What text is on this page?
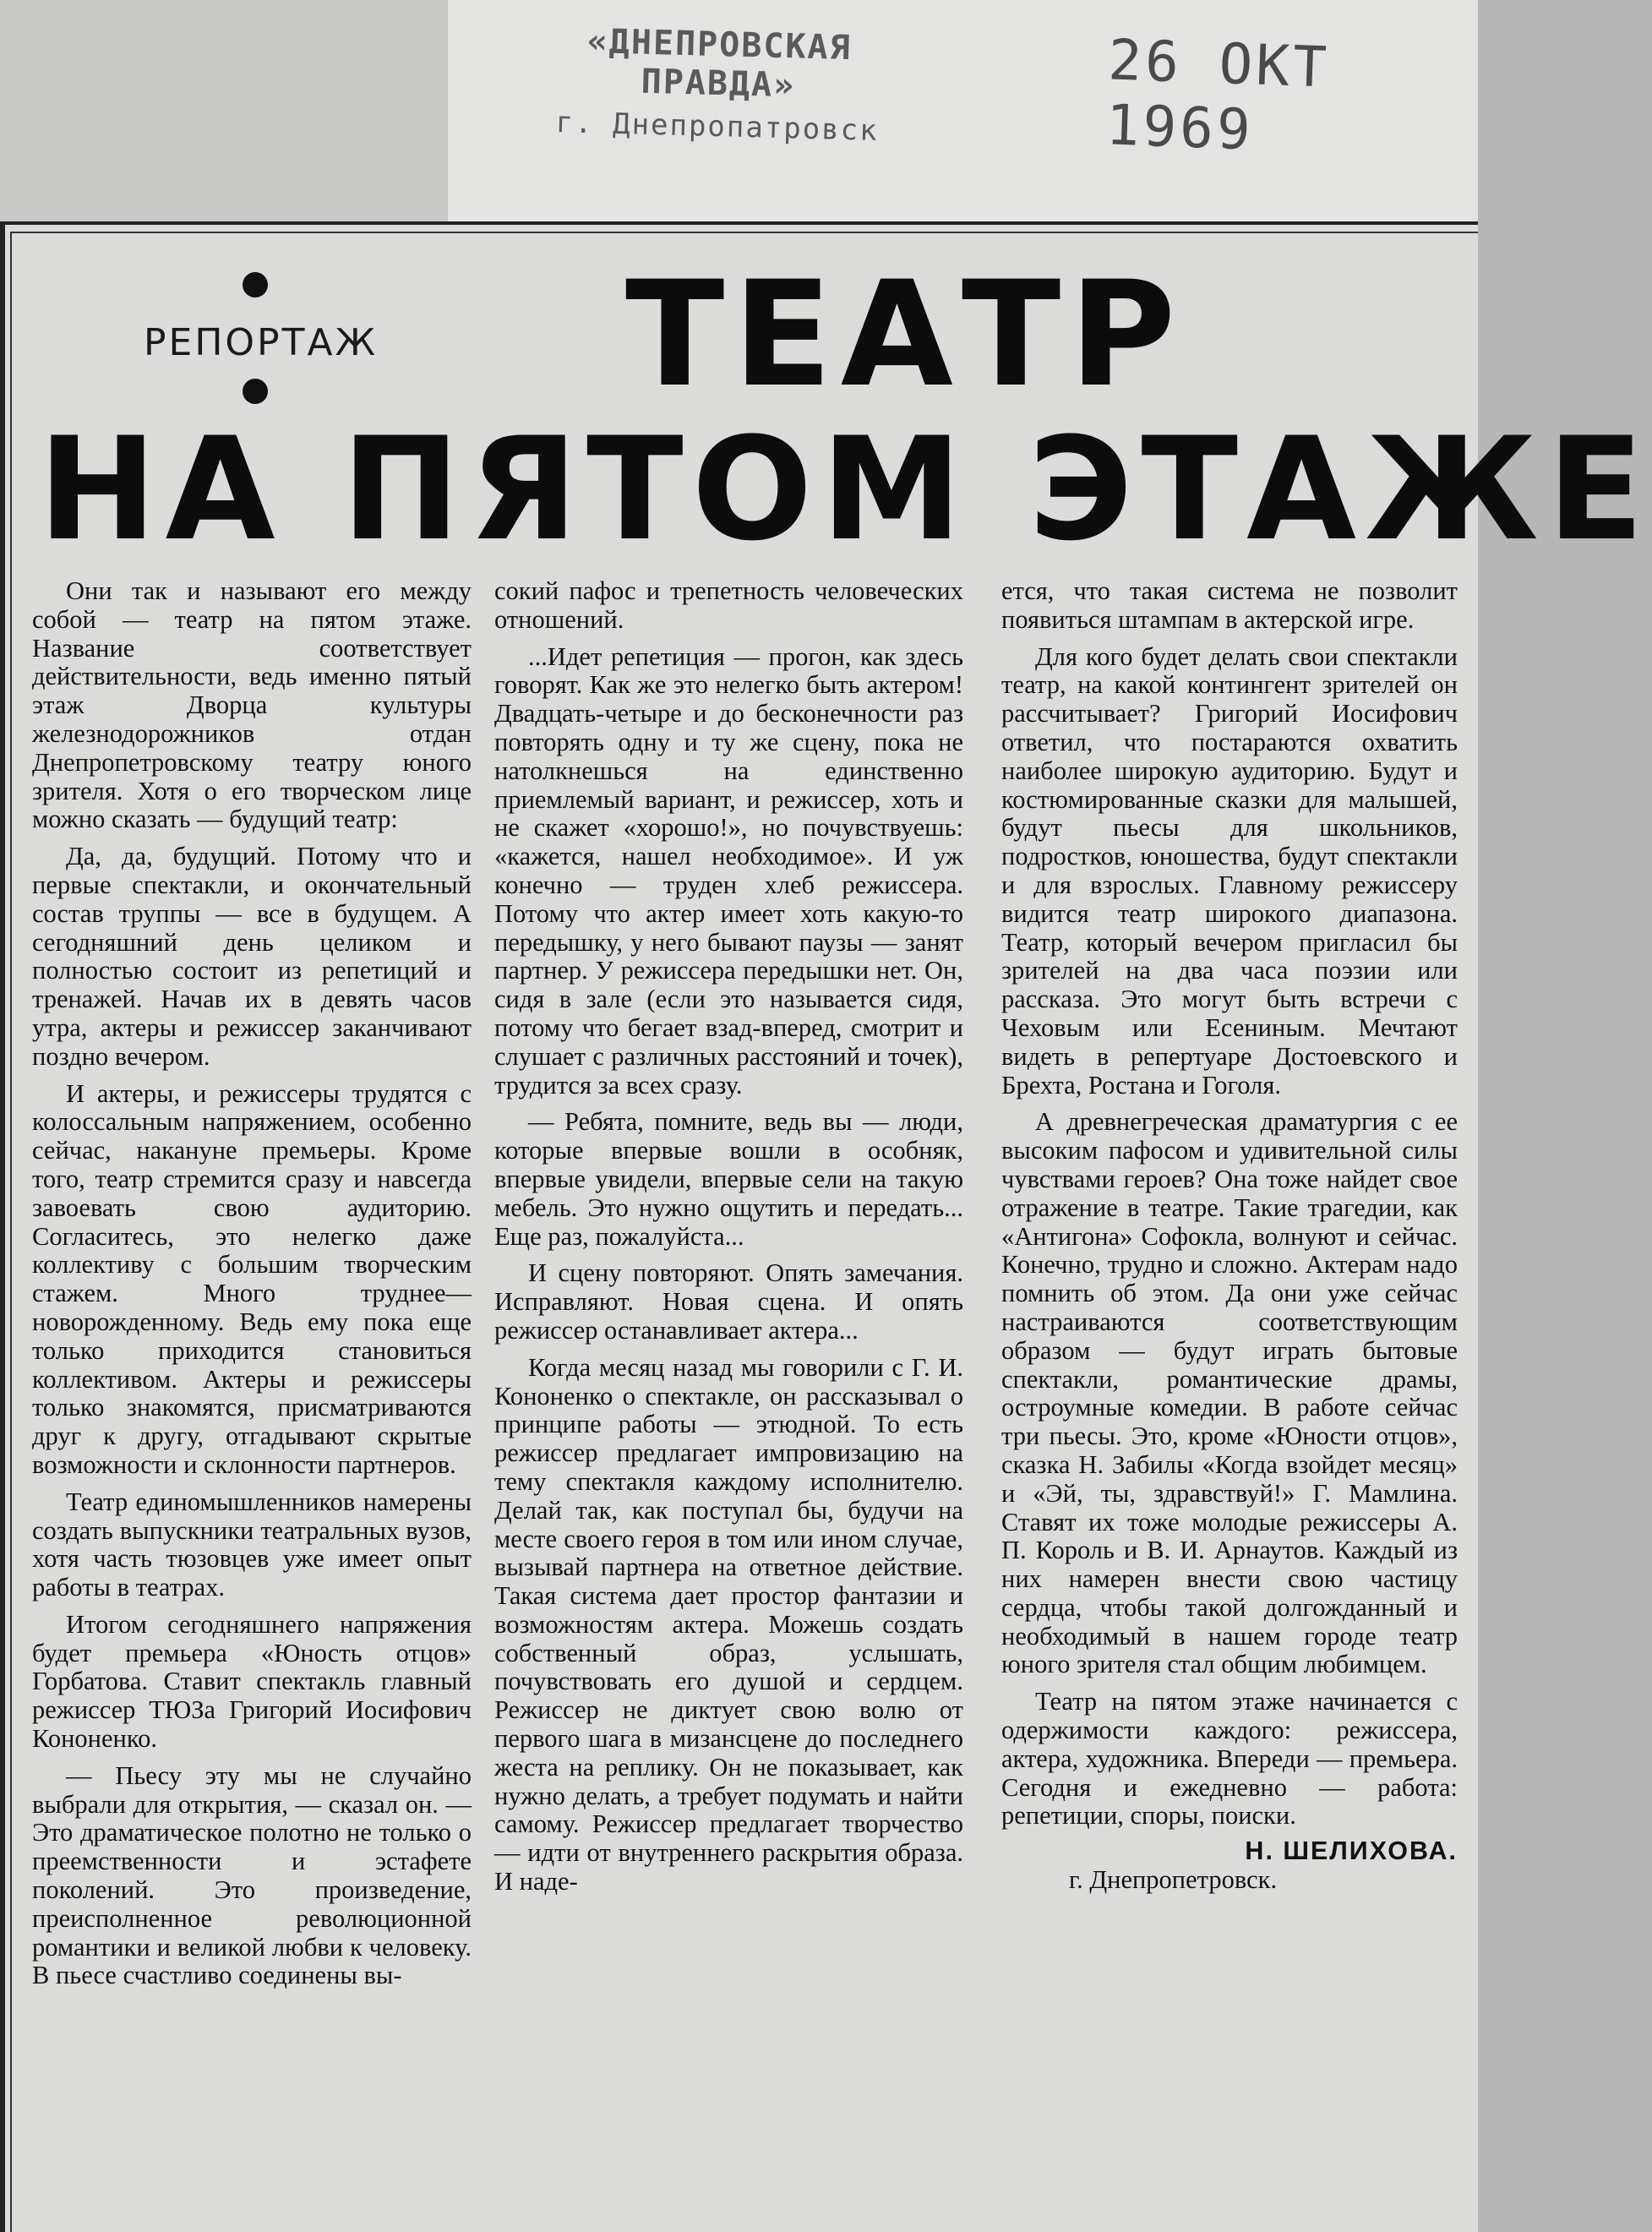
«ДНЕПРОВСКАЯ ПРАВДА»
г. Днепропатровск
26 ОКТ 1969
РЕПОРТАЖ ТЕАТР
НА ПЯТОМ ЭТАЖЕ

Они так и называют его между собой — театр на пятом этаже. Название соответствует действительности, ведь именно пятый этаж Дворца культуры железнодорожников отдан Днепропетровскому театру юного зрителя. Хотя о его творческом лице можно сказать — будущий театр:

Да, да, будущий. Потому что и первые спектакли, и окончательный состав труппы — все в будущем. А сегодняшний день целиком и полностью состоит из репетиций и тренажей. Начав их в девять часов утра, актеры и режиссер заканчивают поздно вечером.

И актеры, и режиссеры трудятся с колоссальным напряжением, особенно сейчас, накануне премьеры. Кроме того, театр стремится сразу и навсегда завоевать свою аудиторию. Согласитесь, это нелегко даже коллективу с большим творческим стажем. Много труднее— новорожденному. Ведь ему пока еще только приходится становиться коллективом. Актеры и режиссеры только знакомятся, присматриваются друг к другу, отгадывают скрытые возможности и склонности партнеров.

Театр единомышленников намерены создать выпускники театральных вузов, хотя часть тюзовцев уже имеет опыт работы в театрах.

Итогом сегодняшнего напряжения будет премьера «Юность отцов» Горбатова. Ставит спектакль главный режиссер ТЮЗа Григорий Иосифович Кононенко.

— Пьесу эту мы не случайно выбрали для открытия, — сказал он. — Это драматическое полотно не только о преемственности и эстафете поколений. Это произведение, преисполненное революционной романтики и великой любви к человеку. В пьесе счастливо соединены вы-

сокий пафос и трепетность человеческих отношений.

...Идет репетиция — прогон, как здесь говорят. Как же это нелегко быть актером! Двадцать-четыре и до бесконечности раз повторять одну и ту же сцену, пока не натолкнешься на единственно приемлемый вариант, и режиссер, хоть и не скажет «хорошо!», но почувствуешь: «кажется, нашел необходимое». И уж конечно — труден хлеб режиссера. Потому что актер имеет хоть какую-то передышку, у него бывают паузы — занят партнер. У режиссера передышки нет. Он, сидя в зале (если это называется сидя, потому что бегает взад-вперед, смотрит и слушает с различных расстояний и точек), трудится за всех сразу.

— Ребята, помните, ведь вы — люди, которые впервые вошли в особняк, впервые увидели, впервые сели на такую мебель. Это нужно ощутить и передать... Еще раз, пожалуйста...

И сцену повторяют. Опять замечания. Исправляют. Новая сцена. И опять режиссер останавливает актера...

Когда месяц назад мы говорили с Г. И. Кононенко о спектакле, он рассказывал о принципе работы — этюдной. То есть режиссер предлагает импровизацию на тему спектакля каждому исполнителю. Делай так, как поступал бы, будучи на месте своего героя в том или ином случае, вызывай партнера на ответное действие. Такая система дает простор фантазии и возможностям актера. Можешь создать собственный образ, услышать, почувствовать его душой и сердцем. Режиссер не диктует свою волю от первого шага в мизансцене до последнего жеста на реплику. Он не показывает, как нужно делать, а требует подумать и найти самому. Режиссер предлагает творчество — идти от внутреннего раскрытия образа. И наде-

ется, что такая система не позволит появиться штампам в актерской игре.

Для кого будет делать свои спектакли театр, на какой контингент зрителей он рассчитывает? Григорий Иосифович ответил, что постараются охватить наиболее широкую аудиторию. Будут и костюмированные сказки для малышей, будут пьесы для школьников, подростков, юношества, будут спектакли и для взрослых. Главному режиссеру видится театр широкого диапазона. Театр, который вечером пригласил бы зрителей на два часа поэзии или рассказа. Это могут быть встречи с Чеховым или Есениным. Мечтают видеть в репертуаре Достоевского и Брехта, Ростана и Гоголя.

А древнегреческая драматургия с ее высоким пафосом и удивительной силы чувствами героев? Она тоже найдет свое отражение в театре. Такие трагедии, как «Антигона» Софокла, волнуют и сейчас. Конечно, трудно и сложно. Актерам надо помнить об этом. Да они уже сейчас настраиваются соответствующим образом — будут играть бытовые спектакли, романтические драмы, остроумные комедии. В работе сейчас три пьесы. Это, кроме «Юности отцов», сказка Н. Забилы «Когда взойдет месяц» и «Эй, ты, здравствуй!» Г. Мамлина. Ставят их тоже молодые режиссеры А. П. Король и В. И. Арнаутов. Каждый из них намерен внести свою частицу сердца, чтобы такой долгожданный и необходимый в нашем городе театр юного зрителя стал общим любимцем.

Театр на пятом этаже начинается с одержимости каждого: режиссера, актера, художника. Впереди — премьера. Сегодня и ежедневно — работа: репетиции, споры, поиски.

Н. ШЕЛИХОВА.

г. Днепропетровск.
